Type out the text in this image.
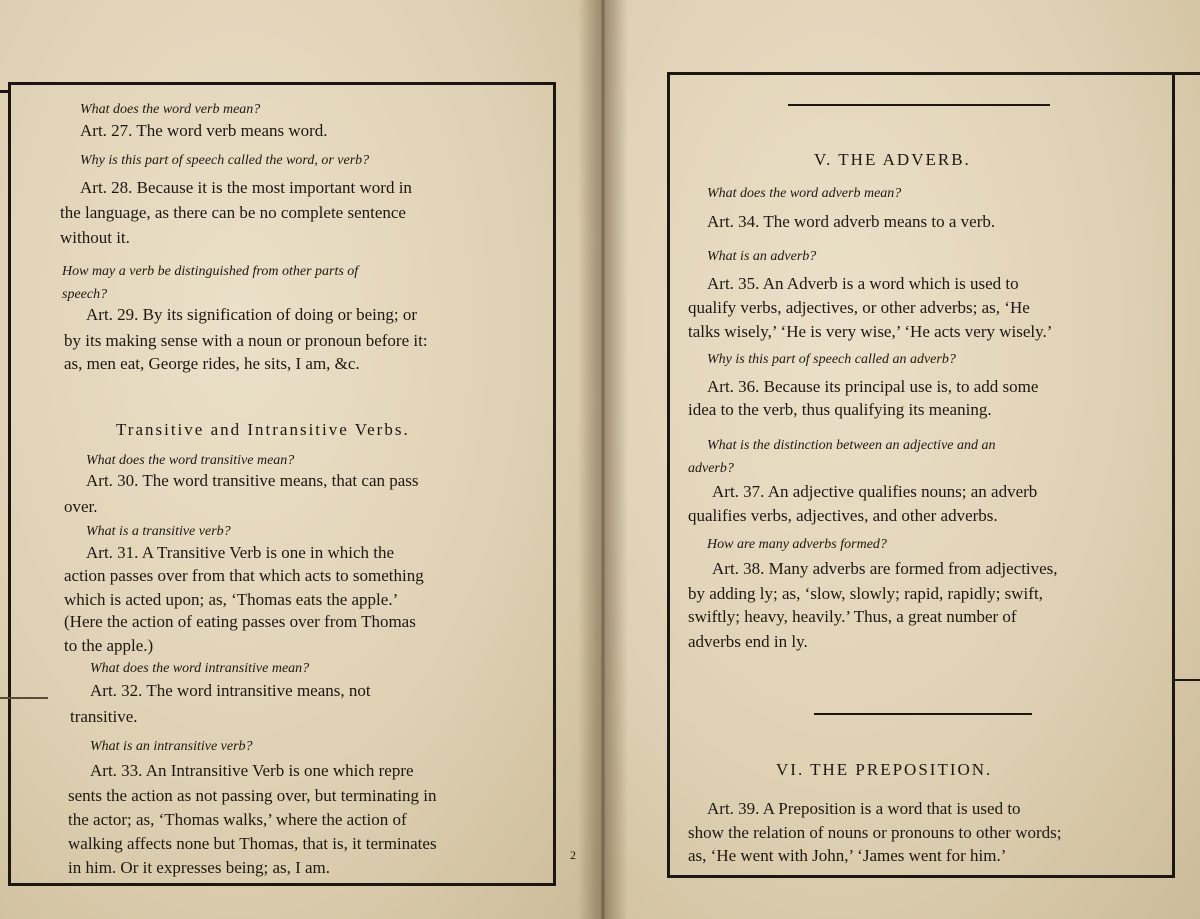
What does the word verb mean?
Art. 27. The word verb means word.
Why is this part of speech called the word, or verb?
Art. 28. Because it is the most important word in
the language, as there can be no complete sentence
without it.
How may a verb be distinguished from other parts of
speech?
Art. 29. By its signification of doing or being; or
by its making sense with a noun or pronoun before it:
as, men eat, George rides, he sits, I am, &c.
Transitive and Intransitive Verbs.
What does the word transitive mean?
Art. 30. The word transitive means, that can pass
over.
What is a transitive verb?
Art. 31. A Transitive Verb is one in which the
action passes over from that which acts to something
which is acted upon; as, ‘Thomas eats the apple.’
(Here the action of eating passes over from Thomas
to the apple.)
What does the word intransitive mean?
Art. 32. The word intransitive means, not
transitive.
What is an intransitive verb?
Art. 33. An Intransitive Verb is one which repre
sents the action as not passing over, but terminating in
the actor; as, ‘Thomas walks,’ where the action of
walking affects none but Thomas, that is, it terminates
in him. Or it expresses being; as, I am.
2
V. THE ADVERB.
What does the word adverb mean?
Art. 34. The word adverb means to a verb.
What is an adverb?
Art. 35. An Adverb is a word which is used to
qualify verbs, adjectives, or other adverbs; as, ‘He
talks wisely,’ ‘He is very wise,’ ‘He acts very wisely.’
Why is this part of speech called an adverb?
Art. 36. Because its principal use is, to add some
idea to the verb, thus qualifying its meaning.
What is the distinction between an adjective and an
adverb?
Art. 37. An adjective qualifies nouns; an adverb
qualifies verbs, adjectives, and other adverbs.
How are many adverbs formed?
Art. 38. Many adverbs are formed from adjectives,
by adding ly; as, ‘slow, slowly; rapid, rapidly; swift,
swiftly; heavy, heavily.’ Thus, a great number of
adverbs end in ly.
VI. THE PREPOSITION.
Art. 39. A Preposition is a word that is used to
show the relation of nouns or pronouns to other words;
as, ‘He went with John,’ ‘James went for him.’
